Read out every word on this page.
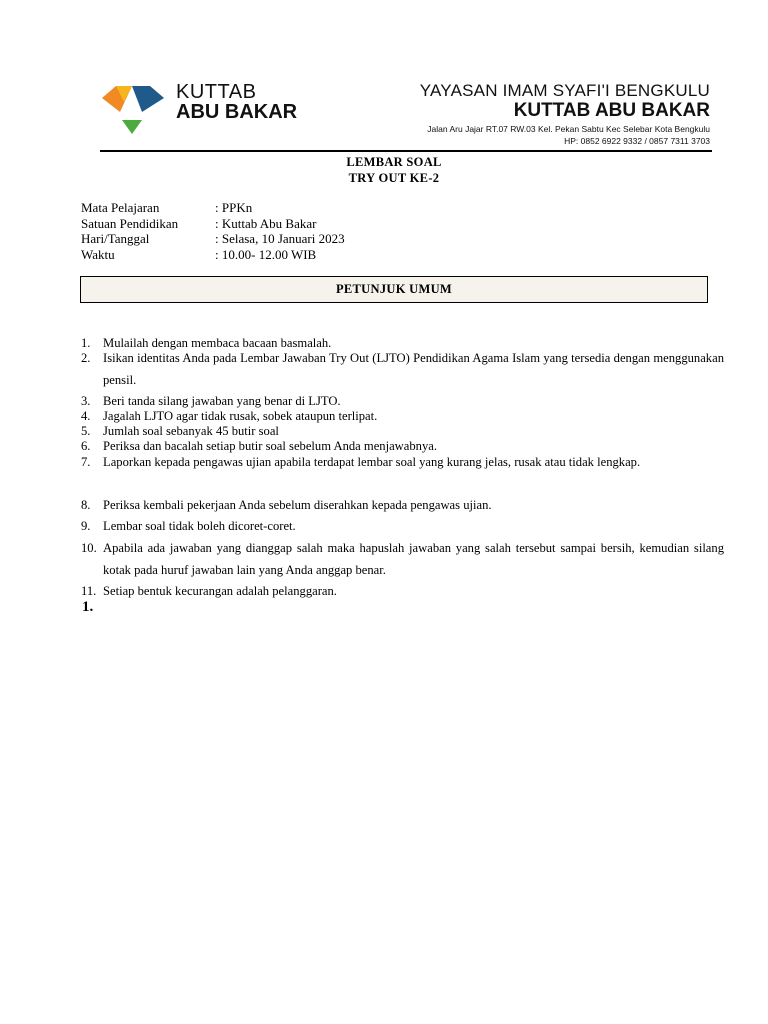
KUTTAB
ABU BAKAR
YAYASAN IMAM SYAFI'I BENGKULU
KUTTAB ABU BAKAR
Jalan Aru Jajar RT.07 RW.03 Kel. Pekan Sabtu Kec Selebar Kota Bengkulu
HP: 0852 6922 9332 / 0857 7311 3703
LEMBAR SOAL
TRY OUT KE-2
Mata Pelajaran	: PPKn
Satuan Pendidikan	: Kuttab Abu Bakar
Hari/Tanggal	: Selasa, 10 Januari 2023
Waktu	: 10.00- 12.00 WIB
PETUNJUK UMUM
1. Mulailah dengan membaca bacaan basmalah.
2. Isikan identitas Anda pada Lembar Jawaban Try Out (LJTO) Pendidikan Agama Islam yang tersedia dengan menggunakan pensil.
3. Beri tanda silang jawaban yang benar di LJTO.
4. Jagalah LJTO agar tidak rusak, sobek ataupun terlipat.
5. Jumlah soal sebanyak 45 butir soal
6. Periksa dan bacalah setiap butir soal sebelum Anda menjawabnya.
7. Laporkan kepada pengawas ujian apabila terdapat lembar soal yang kurang jelas, rusak atau tidak lengkap.
8. Periksa kembali pekerjaan Anda sebelum diserahkan kepada pengawas ujian.
9. Lembar soal tidak boleh dicoret-coret.
10. Apabila ada jawaban yang dianggap salah maka hapuslah jawaban yang salah tersebut sampai bersih, kemudian silang kotak pada huruf jawaban lain yang Anda anggap benar.
11. Setiap bentuk kecurangan adalah pelanggaran.
1.
